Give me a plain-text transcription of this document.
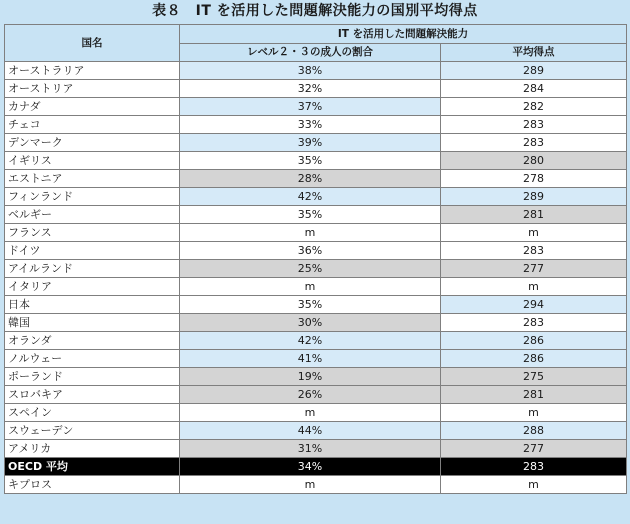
表８　IT を活用した問題解決能力の国別平均得点
国名	IT を活用した問題解決能力	
	レベル２・３の成人の割合	平均得点
オーストラリア	38%	289
オーストリア	32%	284
カナダ	37%	282
チェコ	33%	283
デンマーク	39%	283
イギリス	35%	280
エストニア	28%	278
フィンランド	42%	289
ベルギー	35%	281
フランス	m	m
ドイツ	36%	283
アイルランド	25%	277
イタリア	m	m
日本	35%	294
韓国	30%	283
オランダ	42%	286
ノルウェー	41%	286
ポーランド	19%	275
スロバキア	26%	281
スペイン	m	m
スウェーデン	44%	288
アメリカ	31%	277
OECD 平均	34%	283
キプロス	m	m
